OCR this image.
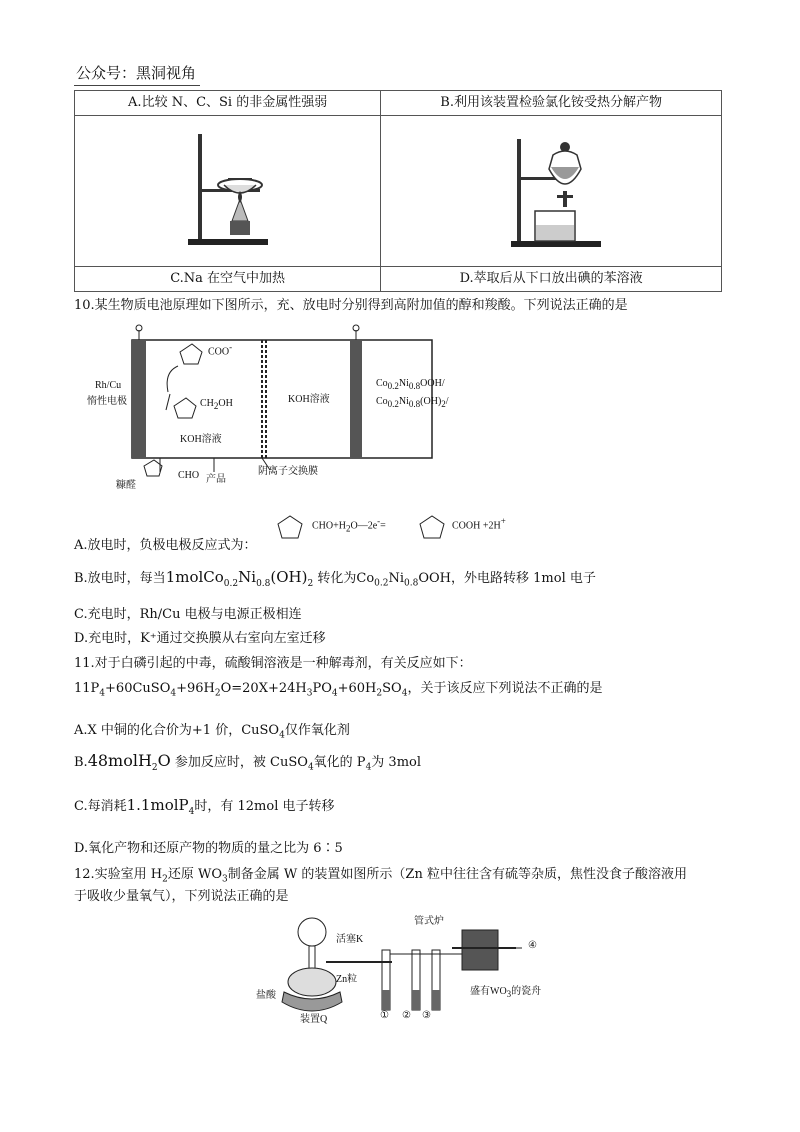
公众号：黑洞视角
A.比较 N、C、Si 的非金属性强弱	B.利用该装置检验氯化铵受热分解产物

C.Na 在空气中加热	D.萃取后从下口放出碘的苯溶液
10.某生物质电池原理如下图所示，充、放电时分别得到高附加值的醇和羧酸。下列说法正确的是
Rh/Cu
惰性电极
COO-
$CH_2OH$
KOH溶液
KOH溶液
$Co_{0.2}Ni_{0.8}OOH/$
$Co_{0.2}Ni_{0.8}(OH)_2/$
糠醛
CHO 产品
阴离子交换膜
A.放电时，负极电极反应式为：
$CHO+H_2O—2e^-=$	COOH +2H+
B.放电时，每当$1molCo_{0.2}Ni_{0.8}(OH)_2$ 转化为$Co_{0.2}Ni_{0.8}OOH$，外电路转移 1mol 电子
C.充电时，Rh/Cu 电极与电源正极相连
D.充电时，K⁺通过交换膜从右室向左室迁移
11.对于白磷引起的中毒，硫酸铜溶液是一种解毒剂，有关反应如下：
$11P_4+60CuSO_4+96H_2O=20X+24H_3PO_4+60H_2SO_4$，关于该反应下列说法不正确的是
A.X 中铜的化合价为+1 价，CuSO$_4$仅作氧化剂
B.48molH$_2$O 参加反应时，被 CuSO$_4$氧化的 $P_4$为 3mol
C.每消耗1.1molP$_4$时，有 12mol 电子转移
D.氧化产物和还原产物的物质的量之比为 6∶5
12.实验室用 $H_2$还原 $WO_3$制备金属 W 的装置如图所示（Zn 粒中往往含有硫等杂质，焦性没食子酸溶液用
于吸收少量氧气），下列说法正确的是
管式炉
活塞K
Zn粒
盐酸
装置Q
盛有$WO_3$的瓷舟
① ② ③
④
